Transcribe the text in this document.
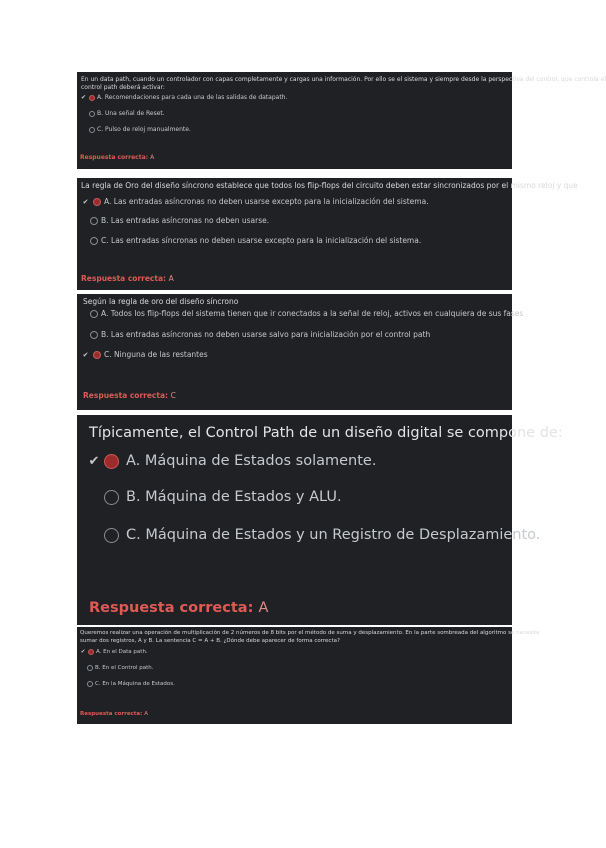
En un data path, cuando un controlador con capas completamente y cargas una información. Por ello se el sistema y siempre desde la perspectiva del control, que controla el
control path deberá activar:
✔ A.
Recomendaciones para cada una de las salidas de datapath.
B.
Una señal de Reset.
C.
Pulso de reloj manualmente.
Respuesta correcta: A
La regla de Oro del diseño síncrono establece que todos los flip-flops del circuito deben estar sincronizados por el mismo reloj y que
✔ A.
Las entradas asíncronas no deben usarse excepto para la inicialización del sistema.
B.
Las entradas asíncronas no deben usarse.
C.
Las entradas síncronas no deben usarse excepto para la inicialización del sistema.
Respuesta correcta: A
Según la regla de oro del diseño síncrono
A.
Todos los flip-flops del sistema tienen que ir conectados a la señal de reloj, activos en cualquiera de sus fases
B.
Las entradas asíncronas no deben usarse salvo para inicialización por el control path
✔ C.
Ninguna de las restantes
Respuesta correcta: C
Típicamente, el Control Path de un diseño digital se compone de:
✔ A.
Máquina de Estados solamente.
B.
Máquina de Estados y ALU.
C.
Máquina de Estados y un Registro de Desplazamiento.
Respuesta correcta: A
Queremos realizar una operación de multiplicación de 2 números de 8 bits por el método de suma y desplazamiento. En la parte sombreada del algoritmo se necesita
sumar dos registros, A y B. La sentencia C = A + B. ¿Dónde debe aparecer de forma correcta?
✔ A.
En el Data path.
B.
En el Control path.
C.
En la Máquina de Estados.
Respuesta correcta: A
